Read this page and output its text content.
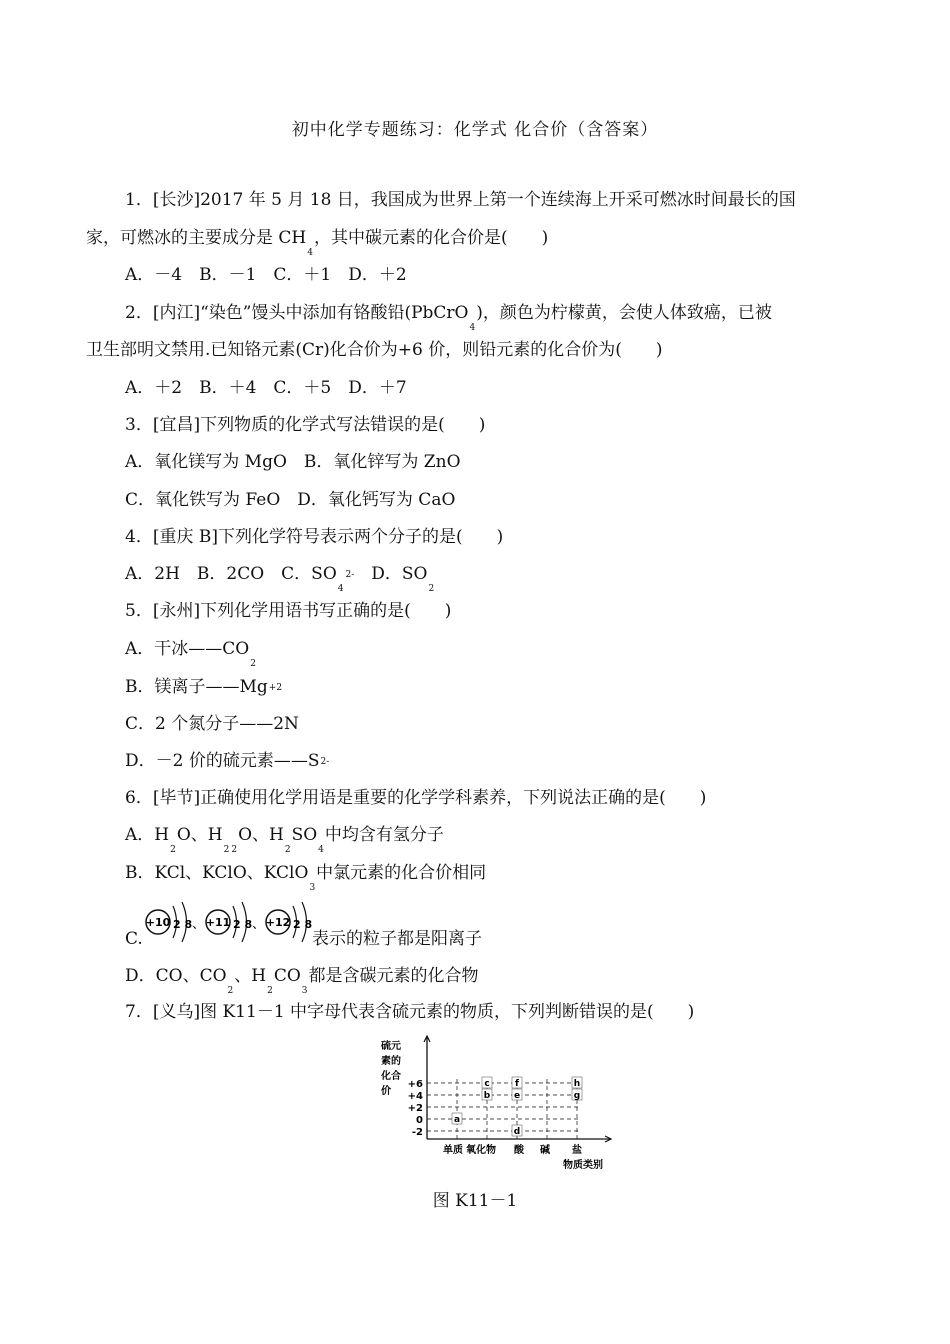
初中化学专题练习：化学式 化合价（含答案）
1．[长沙]2017 年 5 月 18 日，我国成为世界上第一个连续海上开采可燃冰时间最长的国
家，可燃冰的主要成分是 $CH_4$，其中碳元素的化合价是(　　)
A．－4　B．－1　C．＋1　D．＋2
2．[内江]“染色”馒头中添加有铬酸铅(PbCrO$_4$)，颜色为柠檬黄，会使人体致癌，已被
卫生部明文禁用.已知铬元素(Cr)化合价为+6 价，则铅元素的化合价为(　　)
A．＋2　B．＋4　C．＋5　D．＋7
3．[宜昌]下列物质的化学式写法错误的是(　　)
A．氧化镁写为 MgO　B．氧化锌写为 ZnO
C．氧化铁写为 FeO　D．氧化钙写为 CaO
4．[重庆 B]下列化学符号表示两个分子的是(　　)
A．2H　B．2CO　C．$SO_42-$　D．$SO_2$
5．[永州]下列化学用语书写正确的是(　　)
A．干冰$——CO_2$
B．镁离子——Mg+2
C．2 个氮分子——2N
D．－2 价的硫元素——S2-
6．[毕节]正确使用化学用语是重要的化学学科素养，下列说法正确的是(　　)
A．$H_2O$、$H_2$ $_2$O、$H_2SO_4$中均含有氢分子
B．KCl、KClO、KClO$_3$中氯元素的化合价相同
C.
+10 2 8 、 +11 2 8 、 +12 2 8
表示的粒子都是阳离子
D．CO、$CO_2$、$H_2CO_3$都是含碳元素的化合物
7．[义乌]图 K11－1 中字母代表含硫元素的物质，下列判断错误的是(　　)
硫元
素的
化合
价
+6
+4
+2
0
-2
单质 氧化物 酸 碱 盐
物质类别
a
b
c
d
e
f
g
h
图 K11－1
